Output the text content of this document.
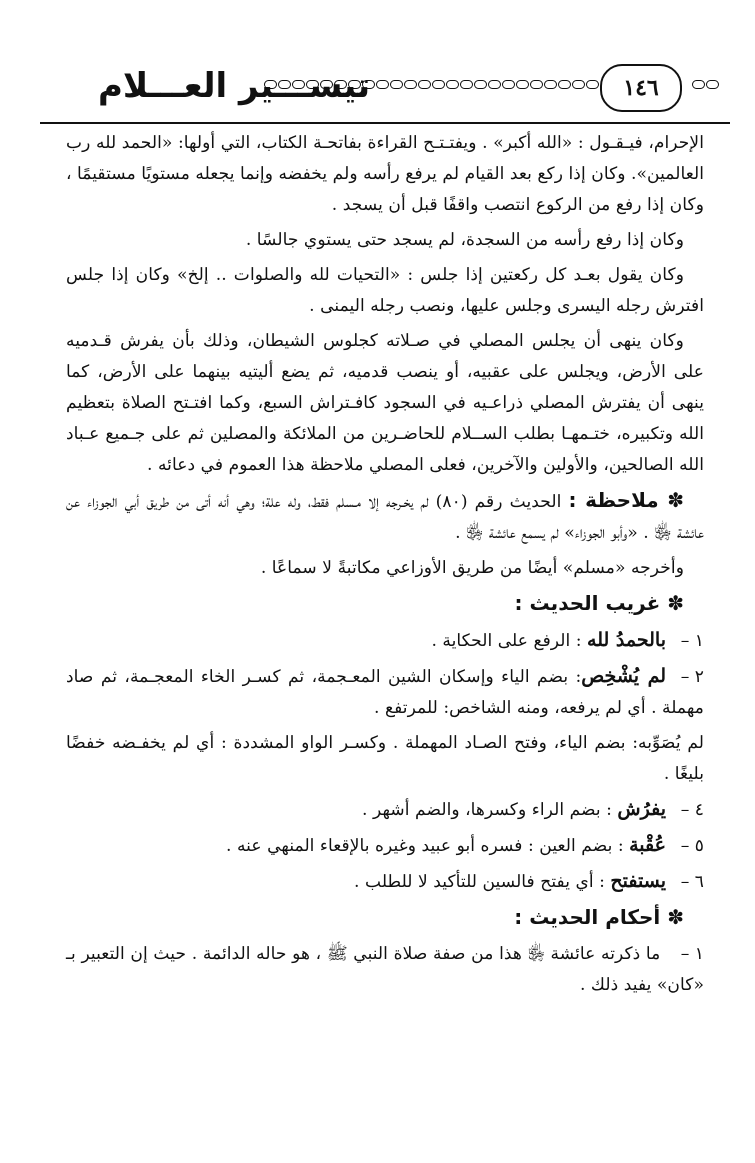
تيســـير العـــلام	١٤٦

الإحرام، فيـقـول : «الله أكبر» . ويفتـتـح القراءة بفاتحـة الكتاب، التي أولها: «الحمد لله رب العالمين». وكان إذا ركع بعد القيام لم يرفع رأسه ولم يخفضه وإنما يجعله مستويًا مستقيمًا ، وكان إذا رفع من الركوع انتصب واقفًا قبل أن يسجد .

وكان إذا رفع رأسه من السجدة، لم يسجد حتى يستوي جالسًا .

وكان يقول بعـد كل ركعتين إذا جلس : «التحيات لله والصلوات .. إلخ» وكان إذا جلس افترش رجله اليسرى وجلس عليها، ونصب رجله اليمنى .

وكان ينهى أن يجلس المصلي في صـلاته كجلوس الشيطان، وذلك بأن يفرش قـدميه على الأرض، ويجلس على عقبيه، أو ينصب قدميه، ثم يضع أليتيه بينهما على الأرض، كما ينهى أن يفترش المصلي ذراعـيه في السجود كافـتراش السبع، وكما افتـتح الصلاة بتعظيم الله وتكبيره، ختـمهـا بطلب الســلام للحاضـرين من الملائكة والمصلين ثم على جـميع عـباد الله الصالحين، والأولين والآخرين، فعلى المصلي ملاحظة هذا العموم في دعائه .

✽ ملاحظة : الحديث رقم (٨٠) لم يخـرجه إلا مـسلم فقط، وله علة؛ وهي أنه أتى من طريق أبي الجوزاء عن عائشة ﵂ . «وأبو الجوزاء» لم يسمع عائشة ﵂ .

وأخرجه «مسلم» أيضًا من طريق الأوزاعي مكاتبةً لا سماعًا .

✽ غريب الحديث :

١ –بالحمدُ لله : الرفع على الحكاية .

٢ –لم يُشْخِص: بضم الياء وإسكان الشين المعـجمة، ثم كسـر الخاء المعجـمة، ثم صاد مهملة . أي لم يرفعه، ومنه الشاخص: للمرتفع .

لم يُصَوِّبه: بضم الياء، وفتح الصـاد المهملة . وكسـر الواو المشددة : أي لم يخفـضه خفضًا بليغًا .

٤ –يفرُش : بضم الراء وكسرها، والضم أشهر .

٥ –عُقْبة : بضم العين : فسره أبو عبيد وغيره بالإقعاء المنهي عنه .

٦ –يستفتح : أي يفتح فالسين للتأكيد لا للطلب .

✽ أحكام الحديث :

١ – ما ذكرته عائشة ﵂ هذا من صفة صلاة النبي ﷺ ، هو حاله الدائمة . حيث إن التعبير بـ «كان» يفيد ذلك .
